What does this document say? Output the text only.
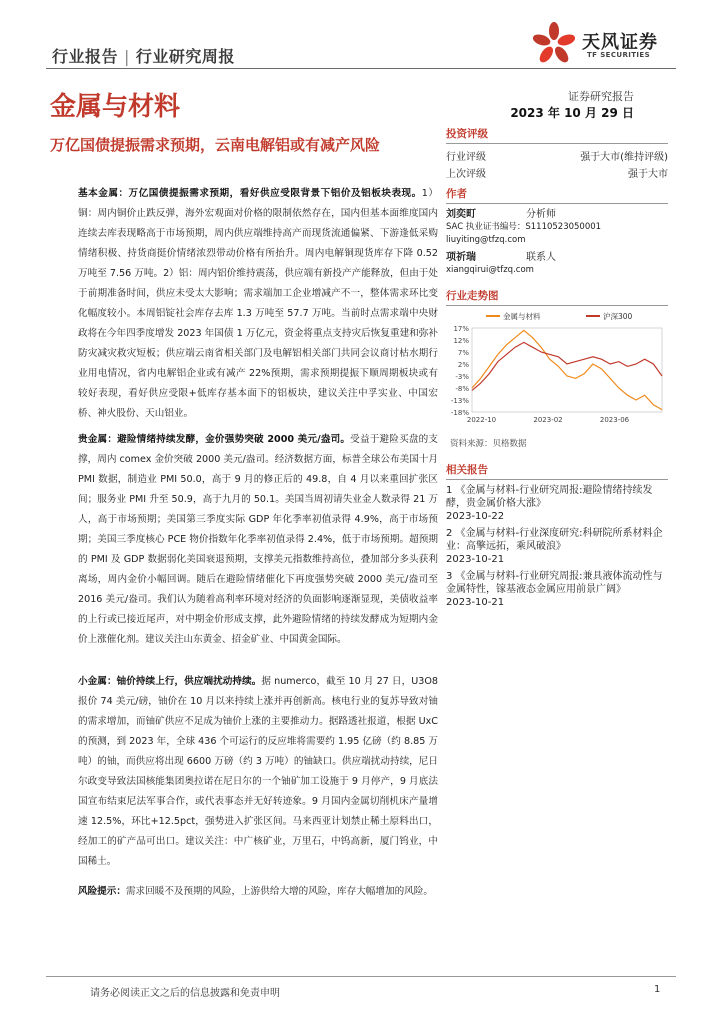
行业报告 | 行业研究周报
天风证券
TF SECURITIES
金属与材料	证券研究报告
2023 年 10 月 29 日
万亿国债提振需求预期，云南电解铝或有减产风险
基本金属：万亿国债提振需求预期，看好供应受限背景下铝价及铝板块表现。1）铜：周内铜价止跌反弹，海外宏观面对价格的限制依然存在，国内但基本面维度国内连续去库表现略高于市场预期，周内供应端维持高产而现货流通偏紧、下游逢低采购情绪积极、持货商挺价情绪浓烈带动价格有所抬升。周内电解铜现货库存下降 0.52 万吨至 7.56 万吨。2）铝：周内铝价维持震荡，供应端有新投产产能释放，但由于处于前期准备时间，供应未受太大影响；需求端加工企业增减产不一，整体需求环比变化幅度较小。本周铝锭社会库存去库 1.3 万吨至 57.7 万吨。当前时点需求端中央财政将在今年四季度增发 2023 年国债 1 万亿元，资金将重点支持灾后恢复重建和弥补防灾减灾救灾短板；供应端云南省相关部门及电解铝相关部门共同会议商讨枯水期行业用电情况，省内电解铝企业或有减产 22%预期，需求预期提振下顺周期板块或有较好表现，看好供应受限+低库存基本面下的铝板块，建议关注中孚实业、中国宏桥、神火股份、天山铝业。
贵金属：避险情绪持续发酵，金价强势突破 2000 美元/盎司。受益于避险买盘的支撑，周内 comex 金价突破 2000 美元/盎司。经济数据方面，标普全球公布美国十月 PMI 数据，制造业 PMI 50.0，高于 9 月的修正后的 49.8，自 4 月以来重回扩张区间；服务业 PMI 升至 50.9，高于九月的 50.1。美国当周初请失业金人数录得 21 万人，高于市场预期；美国第三季度实际 GDP 年化季率初值录得 4.9%，高于市场预期；美国三季度核心 PCE 物价指数年化季率初值录得 2.4%，低于市场预期。超预期的 PMI 及 GDP 数据弱化美国衰退预期，支撑美元指数维持高位，叠加部分多头获利离场，周内金价小幅回调。随后在避险情绪催化下再度强势突破 2000 美元/盎司至 2016 美元/盎司。我们认为随着高利率环境对经济的负面影响逐渐显现，美债收益率的上行或已接近尾声，对中期金价形成支撑，此外避险情绪的持续发酵成为短期内金价上涨催化剂。建议关注山东黄金、招金矿业、中国黄金国际。
小金属：铀价持续上行，供应端扰动持续。据 numerco，截至 10 月 27 日，U3O8 报价 74 美元/磅，铀价在 10 月以来持续上涨并再创新高。核电行业的复苏导致对铀的需求增加，而铀矿供应不足成为铀价上涨的主要推动力。据路透社报道，根据 UxC 的预测，到 2023 年，全球 436 个可运行的反应堆将需要约 1.95 亿磅（约 8.85 万吨）的铀，而供应将出现 6600 万磅（约 3 万吨）的铀缺口。供应端扰动持续，尼日尔政变导致法国核能集团奥拉诺在尼日尔的一个铀矿加工设施于 9 月停产，9 月底法国宣布结束尼法军事合作，或代表事态并无好转迹象。9 月国内金属切削机床产量增速 12.5%，环比+12.5pct，强势进入扩张区间。马来西亚计划禁止稀土原料出口，经加工的矿产品可出口。建议关注：中广核矿业，万里石，中钨高新，厦门钨业，中国稀土。
风险提示：需求回暖不及预期的风险，上游供给大增的风险，库存大幅增加的风险。
投资评级
行业评级	强于大市(维持评级)
上次评级	强于大市
作者
刘奕町	分析师
SAC 执业证书编号：S1110523050001
liuyiting@tfzq.com
项祈瑞	联系人
xiangqirui@tfzq.com
行业走势图
17%
12%
7%
2%
-3%
-8%
-13%
-18%
2022-10	2023-02	2023-06
金属与材料	沪深300
资料来源：贝格数据
相关报告
1 《金属与材料-行业研究周报:避险情绪持续发酵，贵金属价格大涨》
2023-10-22
2 《金属与材料-行业深度研究:科研院所系材料企业：高擎远拓，乘风破浪》
2023-10-21
3 《金属与材料-行业研究周报:兼具液体流动性与金属特性，镓基液态金属应用前景广阔》
2023-10-21
请务必阅读正文之后的信息披露和免责申明	1
